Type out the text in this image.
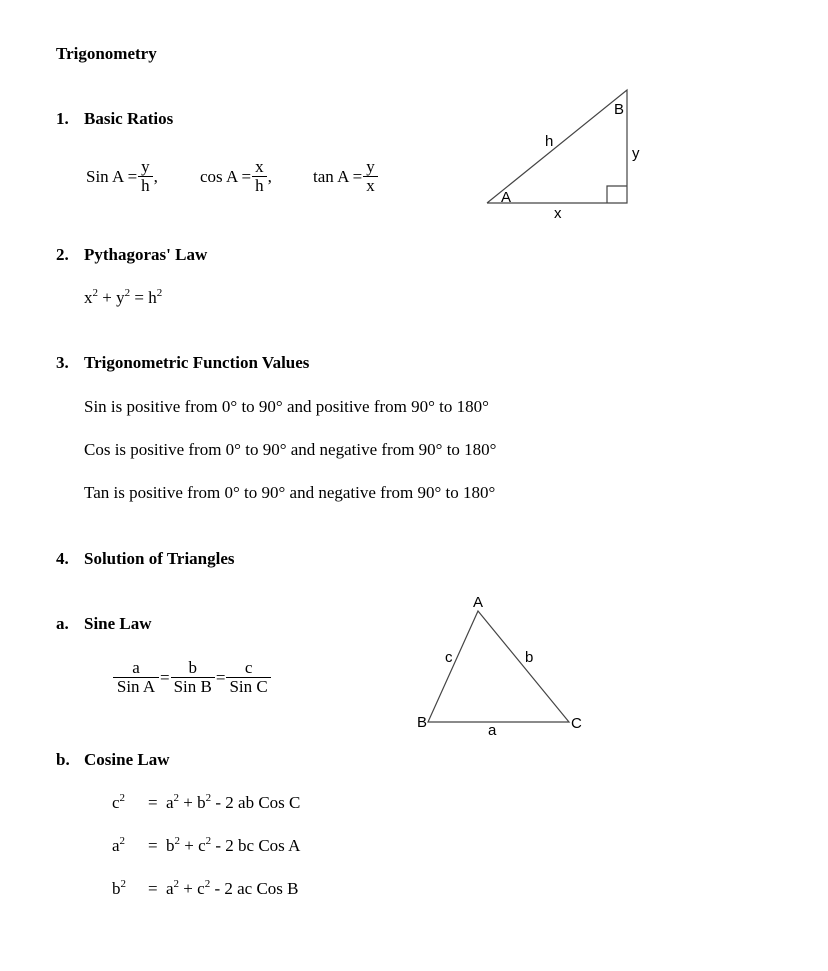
Trigonometry
1. Basic Ratios
Sin $A = \frac{y}{h}$ , $\cos A = \frac{x}{h}$ , $\tan A = \frac{y}{x}$
B
h
y
A
x
A
c	b
B	C
a
2. Pythagoras' Law
$x^2 + y^2 = h^2$
3. Trigonometric Function Values
Sin is positive from 0° to 90° and positive from 90° to 180°
Cos is positive from 0° to 90° and negative from 90° to 180°
Tan is positive from 0° to 90° and negative from 90° to 180°
4. Solution of Triangles
a. Sine Law
$\frac{a}{\text{Sin A}} = \frac{b}{\text{Sin B}} = \frac{c}{\text{Sin C}}$
b. Cosine Law
$c^2 = a^2 + b^2 - 2$ ab Cos C
$a^2 = b^2 + c^2 - 2$ bc Cos A
$b^2 = a^2 + c^2 - 2$ ac Cos B
